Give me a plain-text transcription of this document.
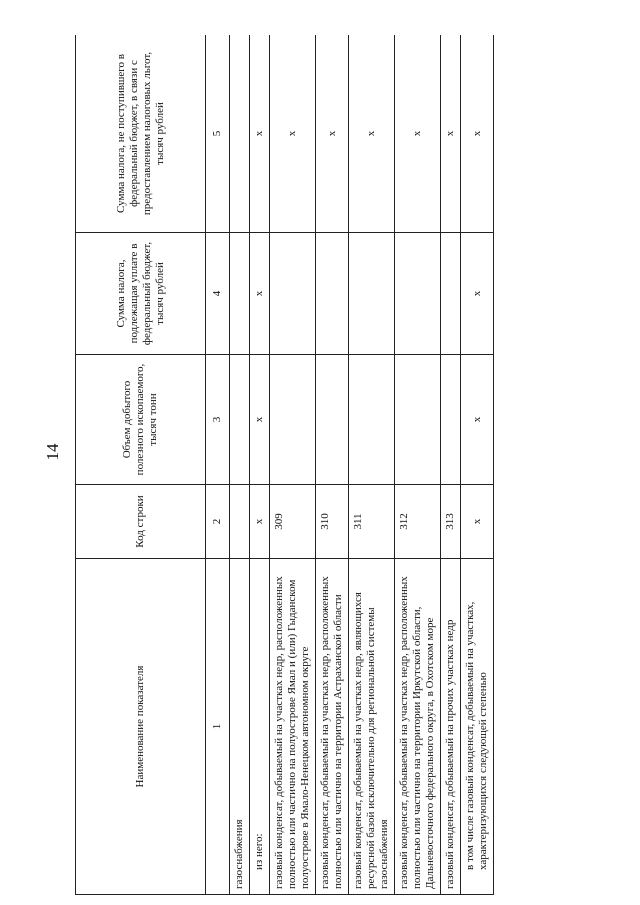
14
Наименование показателя	Код строки	Объем добытого полезного ископаемого, тысяч тонн	Сумма налога, подлежащая уплате в федеральный бюджет, тысяч рублей	Сумма налога, не поступившего в федеральный бюджет, в связи с предоставлением налоговых льгот, тысяч рублей
1	2	3	4	5
газоснабжения				
из него:	х	х	х	х
газовый конденсат, добываемый на участках недр, расположенных полностью или частично на полуострове Ямал и (или) Гыданском полуострове в Ямало-Ненецком автономном округе	309			х
газовый конденсат, добываемый на участках недр, расположенных полностью или частично на территории Астраханской области	310			х
газовый конденсат, добываемый на участках недр, являющихся ресурсной базой исключительно для региональной системы газоснабжения	311			х
газовый конденсат, добываемый на участках недр, расположенных полностью или частично на территории Иркутской области, Дальневосточного федерального округа, в Охотском море	312			х
газовый конденсат, добываемый на прочих участках недр	313			х
в том числе газовый конденсат, добываемый на участках, характеризующихся следующей степенью	х	х	х	х
